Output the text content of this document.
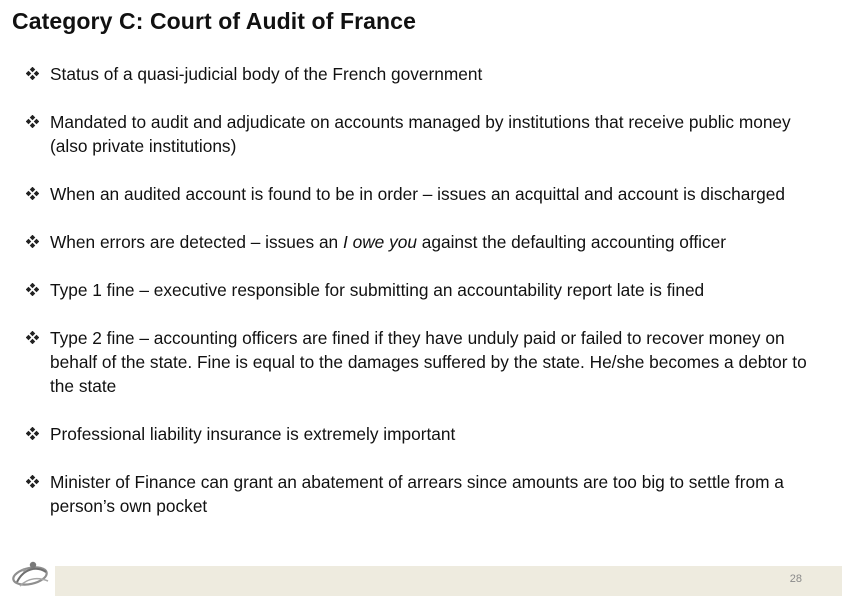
Category C: Court of Audit of France
Status of a quasi-judicial body of the French government
Mandated to audit and adjudicate on accounts managed by institutions that receive public money (also private institutions)
When an audited account is found to be in order – issues an acquittal and account is discharged
When errors are detected – issues an I owe you against the defaulting accounting officer
Type 1 fine – executive responsible for submitting an accountability report late is fined
Type 2 fine – accounting officers are fined if they have unduly paid or failed to recover money on behalf of the state. Fine is equal to the damages suffered by the state. He/she becomes a debtor to the state
Professional liability insurance is extremely important
Minister of Finance can grant an abatement of arrears since amounts are too big to settle from a person’s own pocket
28
